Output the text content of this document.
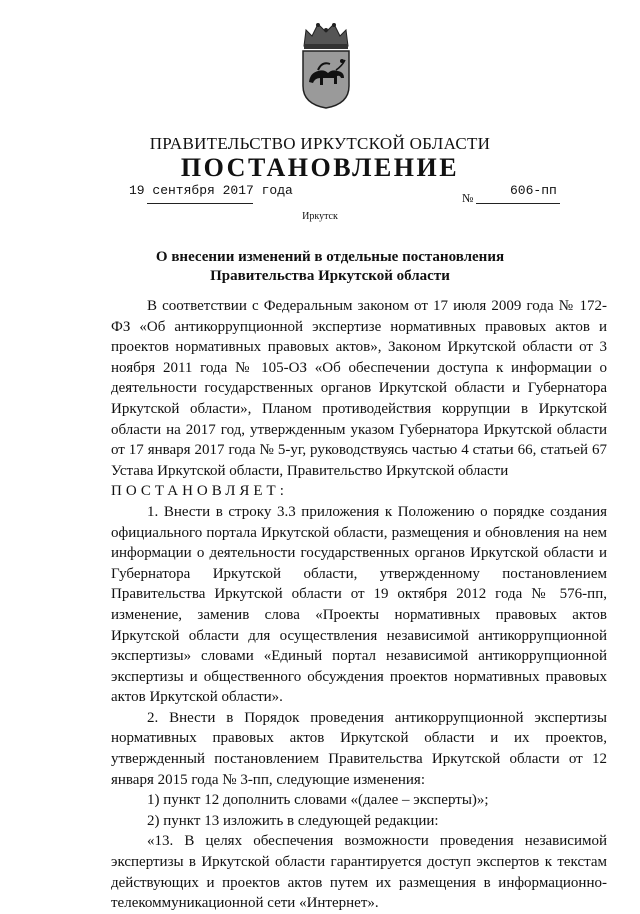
ПРАВИТЕЛЬСТВО ИРКУТСКОЙ ОБЛАСТИ
ПОСТАНОВЛЕНИЕ
19 сентября 2017 года	№	606-пп
Иркутск
О внесении изменений в отдельные постановления Правительства Иркутской области

В соответствии с Федеральным законом от 17 июля 2009 года № 172-ФЗ «Об антикоррупционной экспертизе нормативных правовых актов и проектов нормативных правовых актов», Законом Иркутской области от 3 ноября 2011 года № 105-ОЗ «Об обеспечении доступа к информации о деятельности государственных органов Иркутской области и Губернатора Иркутской области», Планом противодействия коррупции в Иркутской области на 2017 год, утвержденным указом Губернатора Иркутской области от 17 января 2017 года № 5-уг, руководствуясь частью 4 статьи 66, статьей 67 Устава Иркутской области, Правительство Иркутской области

ПОСТАНОВЛЯЕТ:

1. Внести в строку 3.3 приложения к Положению о порядке создания официального портала Иркутской области, размещения и обновления на нем информации о деятельности государственных органов Иркутской области и Губернатора Иркутской области, утвержденному постановлением Правительства Иркутской области от 19 октября 2012 года № 576-пп, изменение, заменив слова «Проекты нормативных правовых актов Иркутской области для осуществления независимой антикоррупционной экспертизы» словами «Единый портал независимой антикоррупционной экспертизы и общественного обсуждения проектов нормативных правовых актов Иркутской области».

2. Внести в Порядок проведения антикоррупционной экспертизы нормативных правовых актов Иркутской области и их проектов, утвержденный постановлением Правительства Иркутской области от 12 января 2015 года № 3-пп, следующие изменения:

1) пункт 12 дополнить словами «(далее – эксперты)»;

2) пункт 13 изложить в следующей редакции:

«13. В целях обеспечения возможности проведения независимой экспертизы в Иркутской области гарантируется доступ экспертов к текстам действующих и проектов актов путем их размещения в информационно-телекоммуникационной сети «Интернет».
